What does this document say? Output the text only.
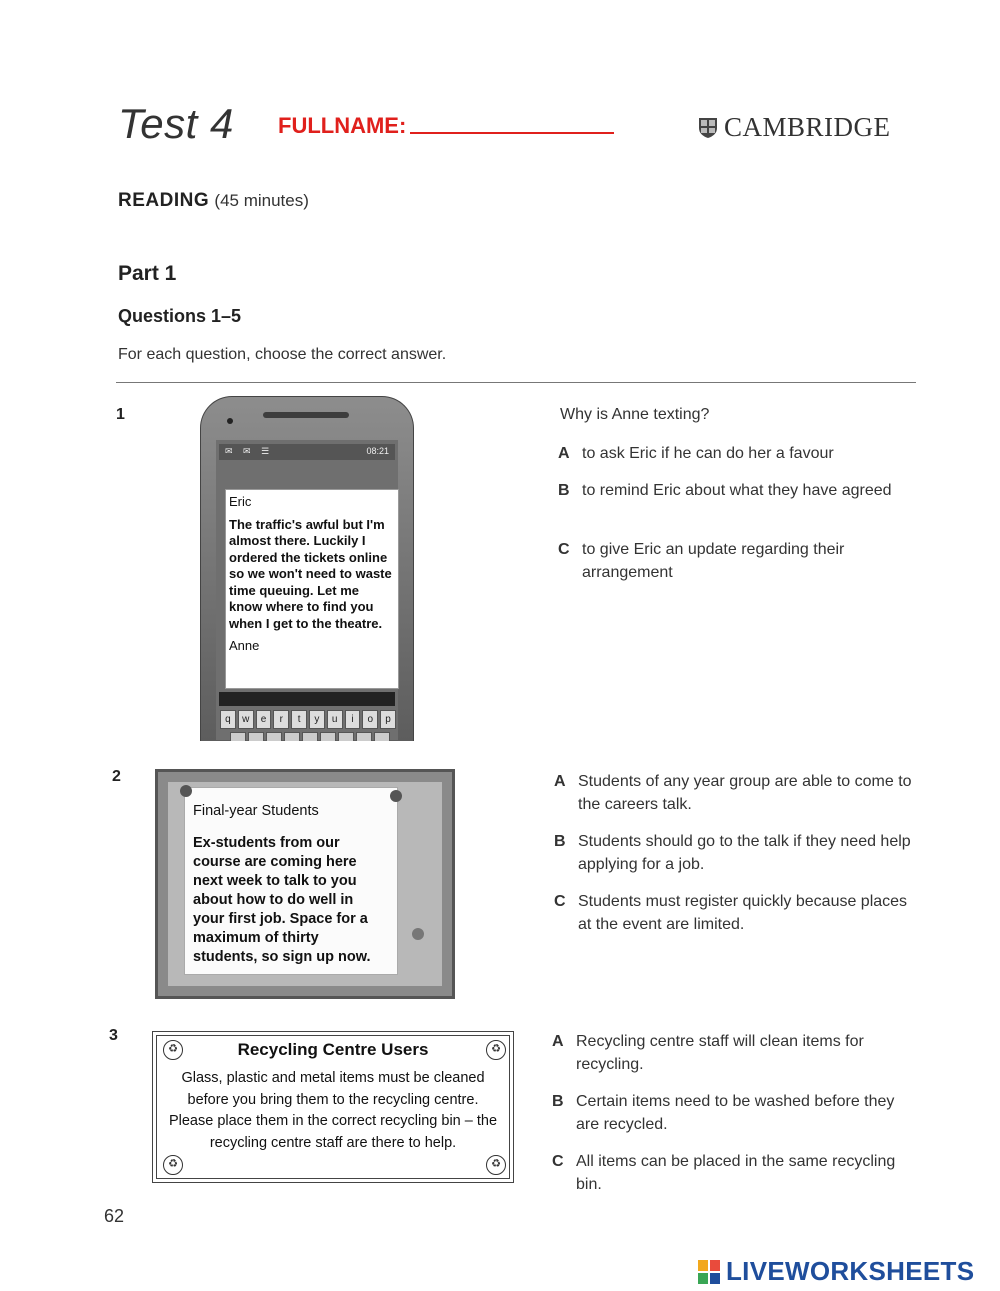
Test 4 FULLNAME:	CAMBRIDGE
READING (45 minutes)
Part 1
Questions 1–5
For each question, choose the correct answer.
1
✉ ✉ ☰	08:21

Eric

The traffic's awful but I'm almost there. Luckily I ordered the tickets online so we won't need to waste time queuing. Let me know where to find you when I get to the theatre.

Anne

q	w	e	r	t	y	u	i	o	p
Why is Anne texting?
A to ask Eric if he can do her a favour
B to remind Eric about what they have agreed
C to give Eric an update regarding their arrangement
2

Final-year Students

Ex-students from our course are coming here next week to talk to you about how to do well in your first job. Space for a maximum of thirty students, so sign up now.

A Students of any year group are able to come to the careers talk.
B Students should go to the talk if they need help applying for a job.
C Students must register quickly because places at the event are limited.
3
♻	♻
♻	♻
Recycling Centre Users
Glass, plastic and metal items must be cleaned before you bring them to the recycling centre. Please place them in the correct recycling bin – the recycling centre staff are there to help.
A Recycling centre staff will clean items for recycling.
B Certain items need to be washed before they are recycled.
C All items can be placed in the same recycling bin.
62
LIVEWORKSHEETS
